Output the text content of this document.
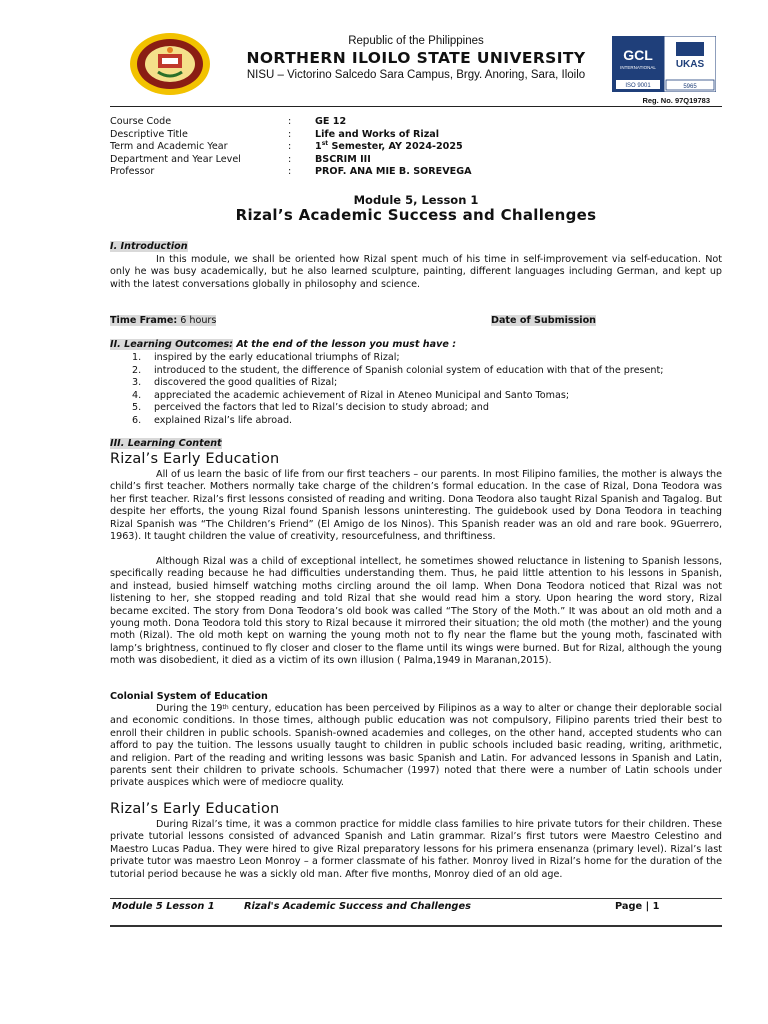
Republic of the Philippines
NORTHERN ILOILO STATE UNIVERSITY
NISU – Victorino Salcedo Sara Campus, Brgy. Anoring, Sara, Iloilo
GCL
INTERNATIONAL
ISO 9001
UKAS
5965
Reg. No. 97Q19783
Course Code	: GE 12
Descriptive Title	: Life and Works of Rizal
Term and Academic Year	: 1st Semester, AY 2024-2025
Department and Year Level	: BSCRIM III
Professor	: PROF. ANA MIE B. SOREVEGA
Module 5, Lesson 1
Rizal’s Academic Success and Challenges
I. Introduction
In this module, we shall be oriented how Rizal spent much of his time in self-improvement via self-education. Not only he was busy academically, but he also learned sculpture, painting, different languages including German, and kept up with the latest conversations globally in philosophy and science.
Time Frame: 6 hours	Date of Submission
II. Learning Outcomes: At the end of the lesson you must have :
1. inspired by the early educational triumphs of Rizal;
2. introduced to the student, the difference of Spanish colonial system of education with that of the present;
3. discovered the good qualities of Rizal;
4. appreciated the academic achievement of Rizal in Ateneo Municipal and Santo Tomas;
5. perceived the factors that led to Rizal’s decision to study abroad; and
6. explained Rizal’s life abroad.
III. Learning Content
Rizal’s Early Education
All of us learn the basic of life from our first teachers – our parents. In most Filipino families, the mother is always the child’s first teacher. Mothers normally take charge of the children’s formal education. In the case of Rizal, Dona Teodora was her first teacher. Rizal’s first lessons consisted of reading and writing. Dona Teodora also taught Rizal Spanish and Tagalog. But despite her efforts, the young Rizal found Spanish lessons uninteresting. The guidebook used by Dona Teodora in teaching Rizal Spanish was “The Children’s Friend” (El Amigo de los Ninos). This Spanish reader was an old and rare book. 9Guerrero, 1963). It taught children the value of creativity, resourcefulness, and thriftiness.
Although Rizal was a child of exceptional intellect, he sometimes showed reluctance in listening to Spanish lessons, specifically reading because he had difficulties understanding them. Thus, he paid little attention to his lessons in Spanish, and instead, busied himself watching moths circling around the oil lamp. When Dona Teodora noticed that Rizal was not listening to her, she stopped reading and told Rizal that she would read him a story. Upon hearing the word story, Rizal became excited. The story from Dona Teodora’s old book was called “The Story of the Moth.” It was about an old moth and a young moth. Dona Teodora told this story to Rizal because it mirrored their situation; the old moth (the mother) and the young moth (Rizal). The old moth kept on warning the young moth not to fly near the flame but the young moth, fascinated with lamp’s brightness, continued to fly closer and closer to the flame until its wings were burned. But for Rizal, although the young moth was disobedient, it died as a victim of its own illusion ( Palma,1949 in Maranan,2015).
Colonial System of Education
During the 19th century, education has been perceived by Filipinos as a way to alter or change their deplorable social and economic conditions. In those times, although public education was not compulsory, Filipino parents tried their best to enroll their children in public schools. Spanish-owned academies and colleges, on the other hand, accepted students who can afford to pay the tuition. The lessons usually taught to children in public schools included basic reading, writing, arithmetic, and religion. Part of the reading and writing lessons was basic Spanish and Latin. For advanced lessons in Spanish and Latin, parents sent their children to private schools. Schumacher (1997) noted that there were a number of Latin schools under private auspices which were of mediocre quality.
Rizal’s Early Education
During Rizal’s time, it was a common practice for middle class families to hire private tutors for their children. These private tutorial lessons consisted of advanced Spanish and Latin grammar. Rizal’s first tutors were Maestro Celestino and Maestro Lucas Padua. They were hired to give Rizal preparatory lessons for his primera ensenanza (primary level). Rizal’s last private tutor was maestro Leon Monroy – a former classmate of his father. Monroy lived in Rizal’s home for the duration of the tutorial period because he was a sickly old man. After five months, Monroy died of an old age.
Module 5 Lesson 1	Rizal's Academic Success and Challenges	Page | 1
